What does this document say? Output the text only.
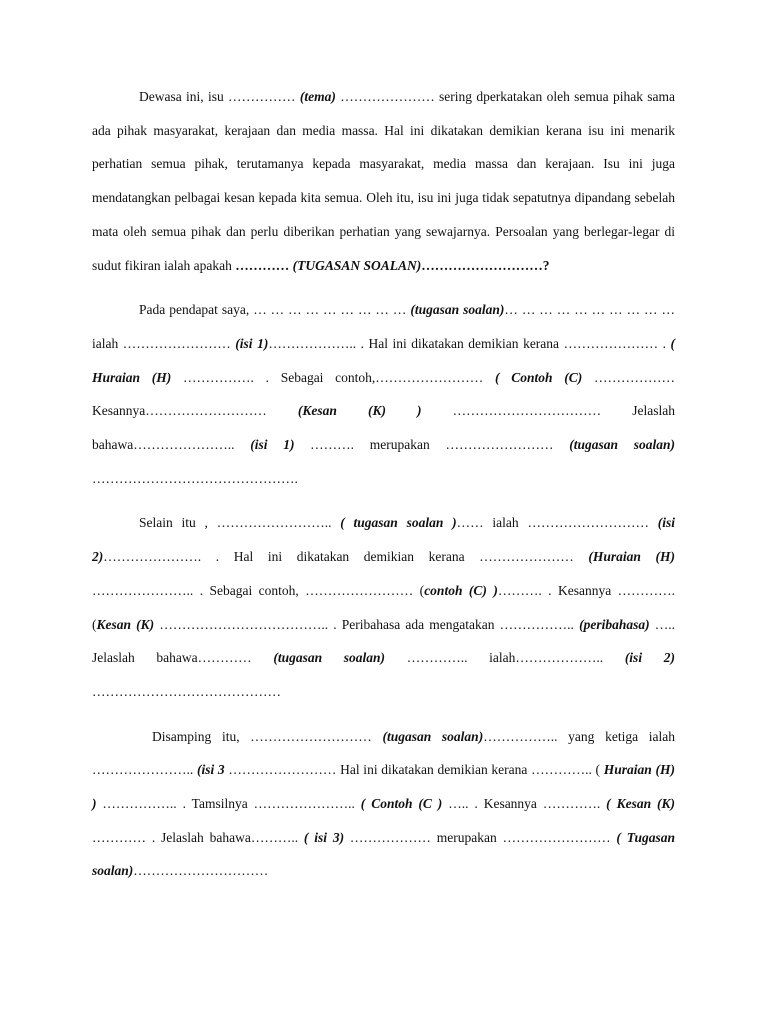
Dewasa ini, isu …………… (tema) ………………… sering dperkatakan oleh semua pihak sama ada pihak masyarakat, kerajaan dan media massa. Hal ini dikatakan demikian kerana isu ini menarik perhatian semua pihak, terutamanya kepada masyarakat, media massa dan kerajaan. Isu ini juga mendatangkan pelbagai kesan kepada kita semua. Oleh itu, isu ini juga tidak sepatutnya dipandang sebelah mata oleh semua pihak dan perlu diberikan perhatian yang sewajarnya. Persoalan yang berlegar-legar di sudut fikiran ialah apakah ………… (TUGASAN SOALAN)………………………?

Pada pendapat saya, … … … … … … … … … (tugasan soalan)… … … … … … … … … … ialah …………………… (isi 1)……………….. . Hal ini dikatakan demikian kerana ………………… . ( Huraian (H) ……………. . Sebagai contoh,…………………… ( Contoh (C) ……………… Kesannya……………………… (Kesan (K) ) …………………………… Jelaslah bahawa………………….. (isi 1) ………. merupakan …………………… (tugasan soalan) ……………………………………….

Selain itu , …………………….. ( tugasan soalan )…… ialah ……………………… (isi 2)…………………. . Hal ini dikatakan demikian kerana ………………… (Huraian (H) ………………….. . Sebagai contoh, …………………… (contoh (C) )………. . Kesannya …………. (Kesan (K) ……………………………….. . Peribahasa ada mengatakan …………….. (peribahasa) ….. Jelaslah bahawa………… (tugasan soalan) ………….. ialah……………….. (isi 2) ……………………………………

Disamping itu, ……………………… (tugasan soalan)…………….. yang ketiga ialah ………………….. (isi 3 …………………… Hal ini dikatakan demikian kerana ………….. ( Huraian (H) ) …………….. . Tamsilnya ………………….. ( Contoh (C ) ….. . Kesannya …………. ( Kesan (K) ………… . Jelaslah bahawa……….. ( isi 3) ……………… merupakan …………………… ( Tugasan soalan)…………………………
